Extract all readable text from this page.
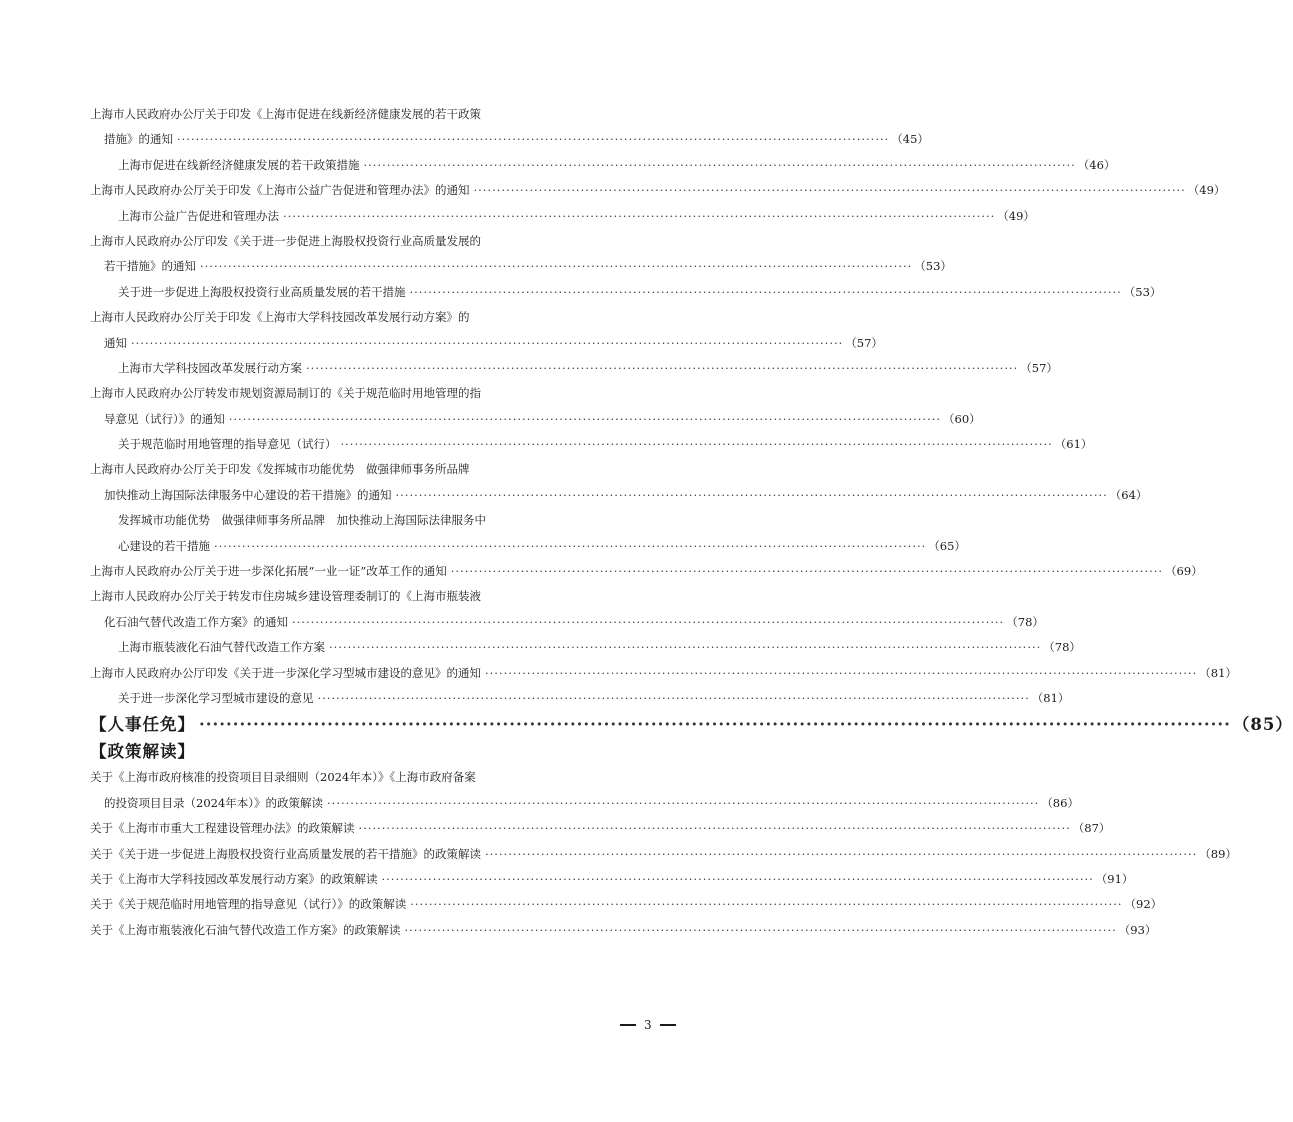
上海市人民政府办公厅关于印发《上海市促进在线新经济健康发展的若干政策
措施》的通知 ························································································································································· （45）
上海市促进在线新经济健康发展的若干政策措施 ························································································································································· （46）
上海市人民政府办公厅关于印发《上海市公益广告促进和管理办法》的通知 ························································································································································· （49）
上海市公益广告促进和管理办法 ························································································································································· （49）
上海市人民政府办公厅印发《关于进一步促进上海股权投资行业高质量发展的
若干措施》的通知 ························································································································································· （53）
关于进一步促进上海股权投资行业高质量发展的若干措施 ························································································································································· （53）
上海市人民政府办公厅关于印发《上海市大学科技园改革发展行动方案》的
通知 ························································································································································· （57）
上海市大学科技园改革发展行动方案 ························································································································································· （57）
上海市人民政府办公厅转发市规划资源局制订的《关于规范临时用地管理的指
导意见（试行）》的通知 ························································································································································· （60）
关于规范临时用地管理的指导意见（试行） ························································································································································· （61）
上海市人民政府办公厅关于印发《发挥城市功能优势　做强律师事务所品牌
加快推动上海国际法律服务中心建设的若干措施》的通知 ························································································································································· （64）
发挥城市功能优势　做强律师事务所品牌　加快推动上海国际法律服务中
心建设的若干措施 ························································································································································· （65）
上海市人民政府办公厅关于进一步深化拓展“一业一证”改革工作的通知 ························································································································································· （69）
上海市人民政府办公厅关于转发市住房城乡建设管理委制订的《上海市瓶装液
化石油气替代改造工作方案》的通知 ························································································································································· （78）
上海市瓶装液化石油气替代改造工作方案 ························································································································································· （78）
上海市人民政府办公厅印发《关于进一步深化学习型城市建设的意见》的通知 ························································································································································· （81）
关于进一步深化学习型城市建设的意见 ························································································································································· （81）
【人事任免】 ························································································································································· （85）
【政策解读】
关于《上海市政府核准的投资项目目录细则（2024年本）》《上海市政府备案
的投资项目目录（2024年本）》的政策解读 ························································································································································· （86）
关于《上海市市重大工程建设管理办法》的政策解读 ························································································································································· （87）
关于《关于进一步促进上海股权投资行业高质量发展的若干措施》的政策解读 ························································································································································· （89）
关于《上海市大学科技园改革发展行动方案》的政策解读 ························································································································································· （91）
关于《关于规范临时用地管理的指导意见（试行）》的政策解读 ························································································································································· （92）
关于《上海市瓶装液化石油气替代改造工作方案》的政策解读 ························································································································································· （93）
3
